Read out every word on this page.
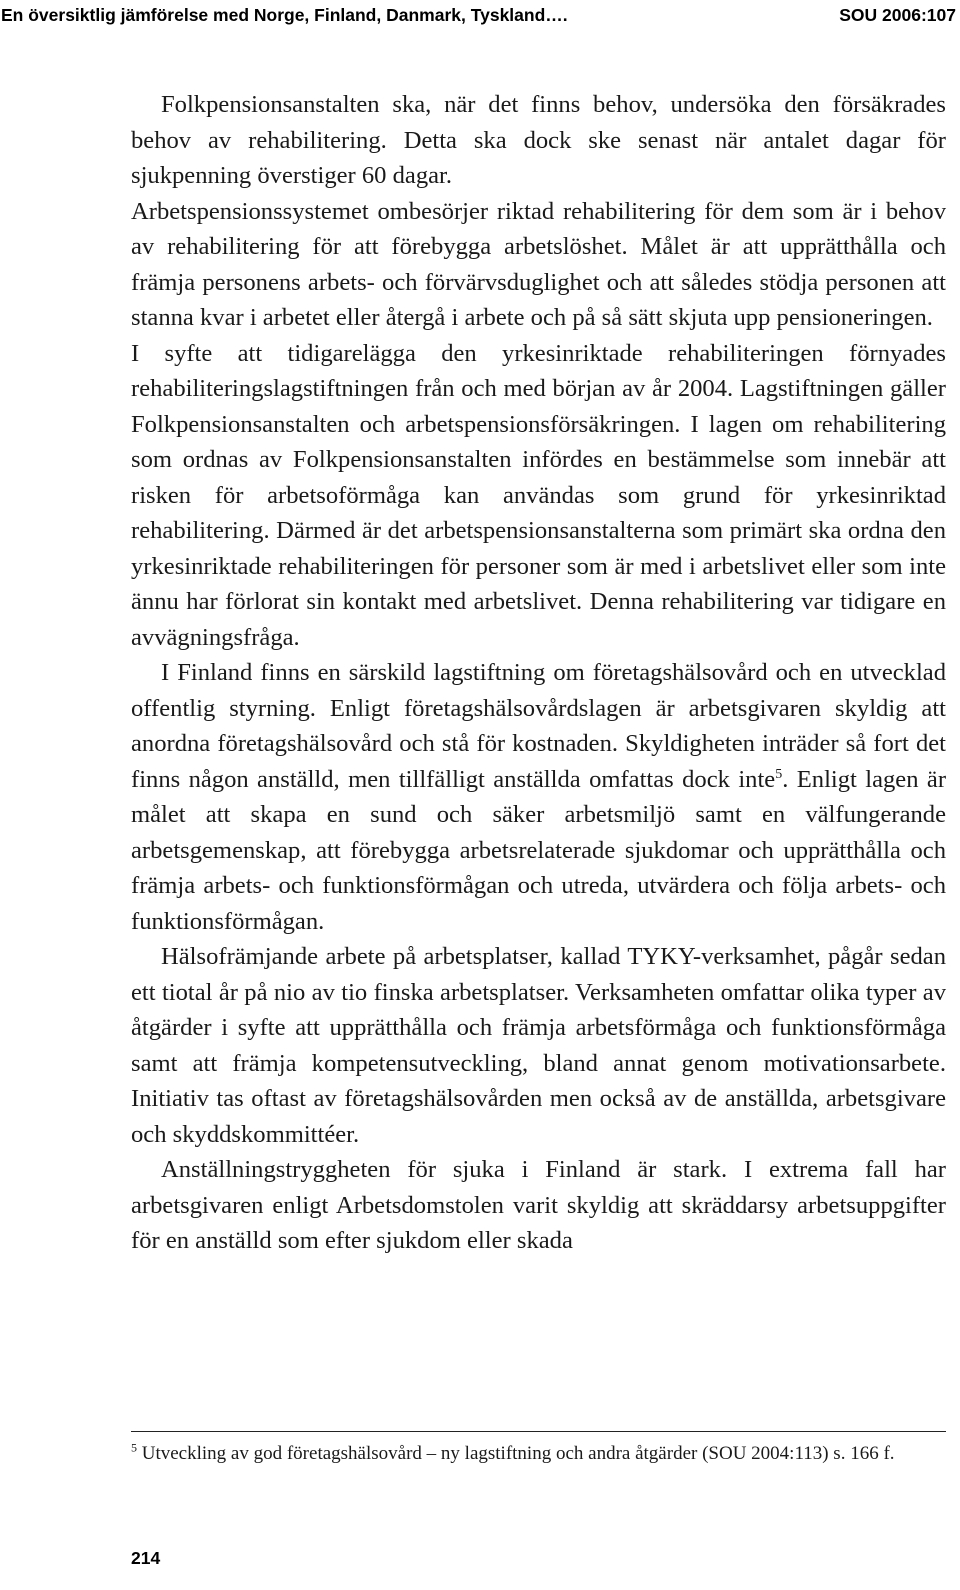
En översiktlig jämförelse med Norge, Finland, Danmark, Tyskland….	SOU 2006:107

Folkpensionsanstalten ska, när det finns behov, undersöka den försäkrades behov av rehabilitering. Detta ska dock ske senast när antalet dagar för sjukpenning överstiger 60 dagar.

Arbetspensionssystemet ombesörjer riktad rehabilitering för dem som är i behov av rehabilitering för att förebygga arbetslöshet. Målet är att upprätthålla och främja personens arbets- och förvärvsduglighet och att således stödja personen att stanna kvar i arbetet eller återgå i arbete och på så sätt skjuta upp pensioneringen.

I syfte att tidigarelägga den yrkesinriktade rehabiliteringen förnyades rehabiliteringslagstiftningen från och med början av år 2004. Lagstiftningen gäller Folkpensionsanstalten och arbetspensionsförsäkringen. I lagen om rehabilitering som ordnas av Folkpensionsanstalten infördes en bestämmelse som innebär att risken för arbetsoförmåga kan användas som grund för yrkesinriktad rehabilitering. Därmed är det arbetspensionsanstalterna som primärt ska ordna den yrkesinriktade rehabiliteringen för personer som är med i arbetslivet eller som inte ännu har förlorat sin kontakt med arbetslivet. Denna rehabilitering var tidigare en avvägningsfråga.

I Finland finns en särskild lagstiftning om företagshälsovård och en utvecklad offentlig styrning. Enligt företagshälsovårdslagen är arbetsgivaren skyldig att anordna företagshälsovård och stå för kostnaden. Skyldigheten inträder så fort det finns någon anställd, men tillfälligt anställda omfattas dock inte$^5$. Enligt lagen är målet att skapa en sund och säker arbetsmiljö samt en välfungerande arbetsgemenskap, att förebygga arbetsrelaterade sjukdomar och upprätthålla och främja arbets- och funktionsförmågan och utreda, utvärdera och följa arbets- och funktionsförmågan.

Hälsofrämjande arbete på arbetsplatser, kallad TYKY-verksamhet, pågår sedan ett tiotal år på nio av tio finska arbetsplatser. Verksamheten omfattar olika typer av åtgärder i syfte att upprätthålla och främja arbetsförmåga och funktionsförmåga samt att främja kompetensutveckling, bland annat genom motivationsarbete. Initiativ tas oftast av företagshälsovården men också av de anställda, arbetsgivare och skyddskommittéer.

Anställningstryggheten för sjuka i Finland är stark. I extrema fall har arbetsgivaren enligt Arbetsdomstolen varit skyldig att skräddarsy arbetsuppgifter för en anställd som efter sjukdom eller skada

$^5$ Utveckling av god företagshälsovård – ny lagstiftning och andra åtgärder (SOU 2004:113) s. 166 f.
214
